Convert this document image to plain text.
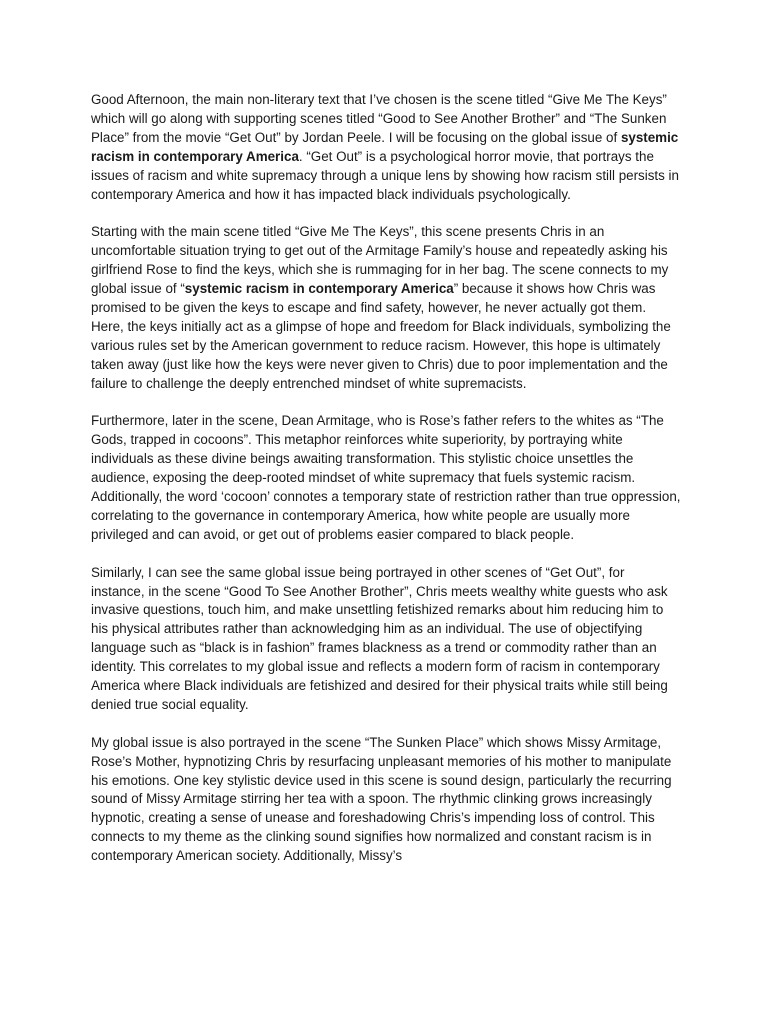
Good Afternoon, the main non-literary text that I’ve chosen is the scene titled “Give Me The Keys” which will go along with supporting scenes titled “Good to See Another Brother” and “The Sunken Place” from the movie “Get Out” by Jordan Peele. I will be focusing on the global issue of systemic racism in contemporary America. “Get Out” is a psychological horror movie, that portrays the issues of racism and white supremacy through a unique lens by showing how racism still persists in contemporary America and how it has impacted black individuals psychologically.

Starting with the main scene titled “Give Me The Keys”, this scene presents Chris in an uncomfortable situation trying to get out of the Armitage Family’s house and repeatedly asking his girlfriend Rose to find the keys, which she is rummaging for in her bag. The scene connects to my global issue of “systemic racism in contemporary America” because it shows how Chris was promised to be given the keys to escape and find safety, however, he never actually got them. Here, the keys initially act as a glimpse of hope and freedom for Black individuals, symbolizing the various rules set by the American government to reduce racism. However, this hope is ultimately taken away (just like how the keys were never given to Chris) due to poor implementation and the failure to challenge the deeply entrenched mindset of white supremacists.

Furthermore, later in the scene, Dean Armitage, who is Rose’s father refers to the whites as “The Gods, trapped in cocoons”. This metaphor reinforces white superiority, by portraying white individuals as these divine beings awaiting transformation. This stylistic choice unsettles the audience, exposing the deep-rooted mindset of white supremacy that fuels systemic racism. Additionally, the word ‘cocoon’ connotes a temporary state of restriction rather than true oppression, correlating to the governance in contemporary America, how white people are usually more privileged and can avoid, or get out of problems easier compared to black people.

Similarly, I can see the same global issue being portrayed in other scenes of “Get Out”, for instance, in the scene “Good To See Another Brother”, Chris meets wealthy white guests who ask invasive questions, touch him, and make unsettling fetishized remarks about him reducing him to his physical attributes rather than acknowledging him as an individual. The use of objectifying language such as “black is in fashion” frames blackness as a trend or commodity rather than an identity. This correlates to my global issue and reflects a modern form of racism in contemporary America where Black individuals are fetishized and desired for their physical traits while still being denied true social equality.

My global issue is also portrayed in the scene “The Sunken Place” which shows Missy Armitage, Rose’s Mother, hypnotizing Chris by resurfacing unpleasant memories of his mother to manipulate his emotions. One key stylistic device used in this scene is sound design, particularly the recurring sound of Missy Armitage stirring her tea with a spoon. The rhythmic clinking grows increasingly hypnotic, creating a sense of unease and foreshadowing Chris’s impending loss of control. This connects to my theme as the clinking sound signifies how normalized and constant racism is in contemporary American society. Additionally, Missy’s
